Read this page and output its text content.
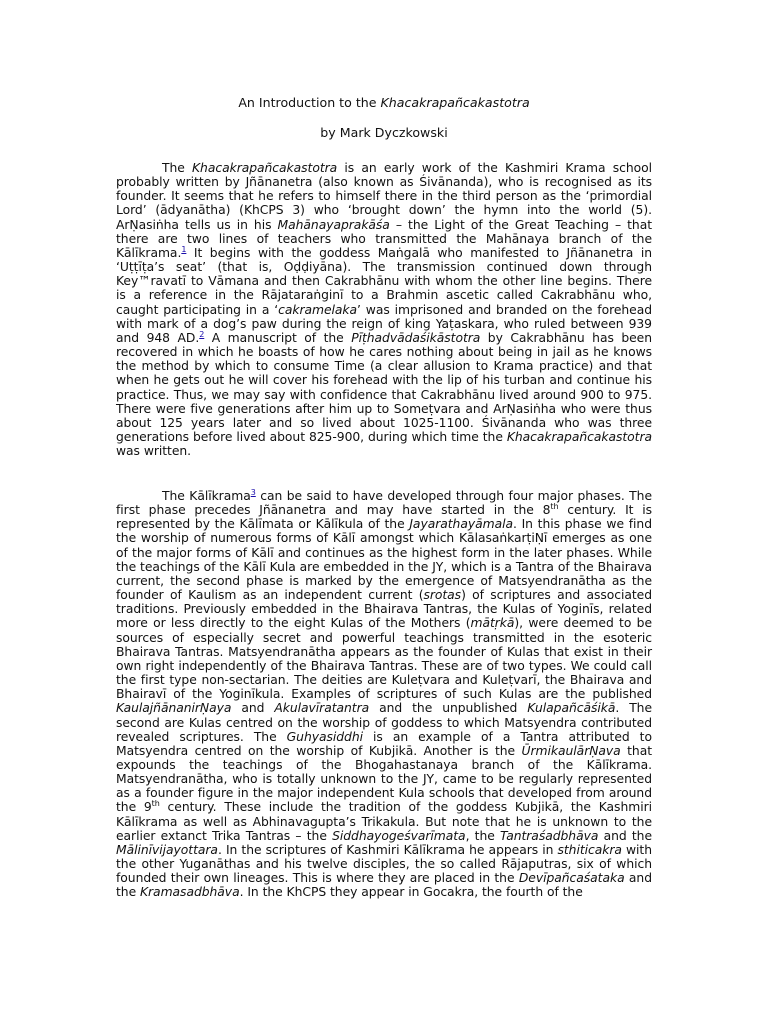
An Introduction to the Khacakrapañcakastotra

by Mark Dyczkowski

The Khacakrapañcakastotra is an early work of the Kashmiri Krama school probably written by Jñānanetra (also known as Śivānanda), who is recognised as its founder. It seems that he refers to himself there in the third person as the ‘primordial Lord’ (ādyanātha) (KhCPS 3) who ‘brought down’ the hymn into the world (5). ArṆasiṅha tells us in his Mahānayaprakāśa – the Light of the Great Teaching – that there are two lines of teachers who transmitted the Mahānaya branch of the Kālīkrama.$^1$ It begins with the goddess Maṅgalā who manifested to Jñānanetra in ‘Uṭṭīṭa’s seat’ (that is, Oḍḍiyāna). The transmission continued down through Key™ravatī to Vāmana and then Cakrabhānu with whom the other line begins. There is a reference in the Rājataraṅginī to a Brahmin ascetic called Cakrabhānu who, caught participating in a ‘cakramelaka’ was imprisoned and branded on the forehead with mark of a dog’s paw during the reign of king Yaṭaskara, who ruled between 939 and 948 AD.$^2$ A manuscript of the Pīṭhadvādaśikāstotra by Cakrabhānu has been recovered in which he boasts of how he cares nothing about being in jail as he knows the method by which to consume Time (a clear allusion to Krama practice) and that when he gets out he will cover his forehead with the lip of his turban and continue his practice. Thus, we may say with confidence that Cakrabhānu lived around 900 to 975. There were five generations after him up to Someṭvara and ArṆasiṅha who were thus about 125 years later and so lived about 1025-1100. Śivānanda who was three generations before lived about 825-900, during which time the Khacakrapañcakastotra was written.

The Kālīkrama$^3$ can be said to have developed through four major phases. The first phase precedes Jñānanetra and may have started in the 8th century. It is represented by the Kālīmata or Kālīkula of the Jayarathayāmala. In this phase we find the worship of numerous forms of Kālī amongst which KālasaṅkarṭiṆī emerges as one of the major forms of Kālī and continues as the highest form in the later phases. While the teachings of the Kālī Kula are embedded in the JY, which is a Tantra of the Bhairava current, the second phase is marked by the emergence of Matsyendranātha as the founder of Kaulism as an independent current (srotas) of scriptures and associated traditions. Previously embedded in the Bhairava Tantras, the Kulas of Yoginīs, related more or less directly to the eight Kulas of the Mothers (mātṛkā), were deemed to be sources of especially secret and powerful teachings transmitted in the esoteric Bhairava Tantras. Matsyendranātha appears as the founder of Kulas that exist in their own right independently of the Bhairava Tantras. These are of two types. We could call the first type non-sectarian. The deities are Kuleṭvara and Kuleṭvarī, the Bhairava and Bhairavī of the Yoginīkula. Examples of scriptures of such Kulas are the published KaulajñānanirṆaya and Akulavīratantra and the unpublished Kulapañcāśikā. The second are Kulas centred on the worship of goddess to which Matsyendra contributed revealed scriptures. The Guhyasiddhi is an example of a Tantra attributed to Matsyendra centred on the worship of Kubjikā. Another is the ŪrmikaulārṆava that expounds the teachings of the Bhogahastanaya branch of the Kālīkrama. Matsyendranātha, who is totally unknown to the JY, came to be regularly represented as a founder figure in the major independent Kula schools that developed from around the 9th century. These include the tradition of the goddess Kubjikā, the Kashmiri Kālīkrama as well as Abhinavagupta’s Trikakula. But note that he is unknown to the earlier extanct Trika Tantras – the Siddhayogeśvarīmata, the Tantraśadbhāva and the Mālinīvijayottara. In the scriptures of Kashmiri Kālīkrama he appears in sthiticakra with the other Yuganāthas and his twelve disciples, the so called Rājaputras, six of which founded their own lineages. This is where they are placed in the Devīpañcaśataka and the Kramasadbhāva. In the KhCPS they appear in Gocakra, the fourth of the
